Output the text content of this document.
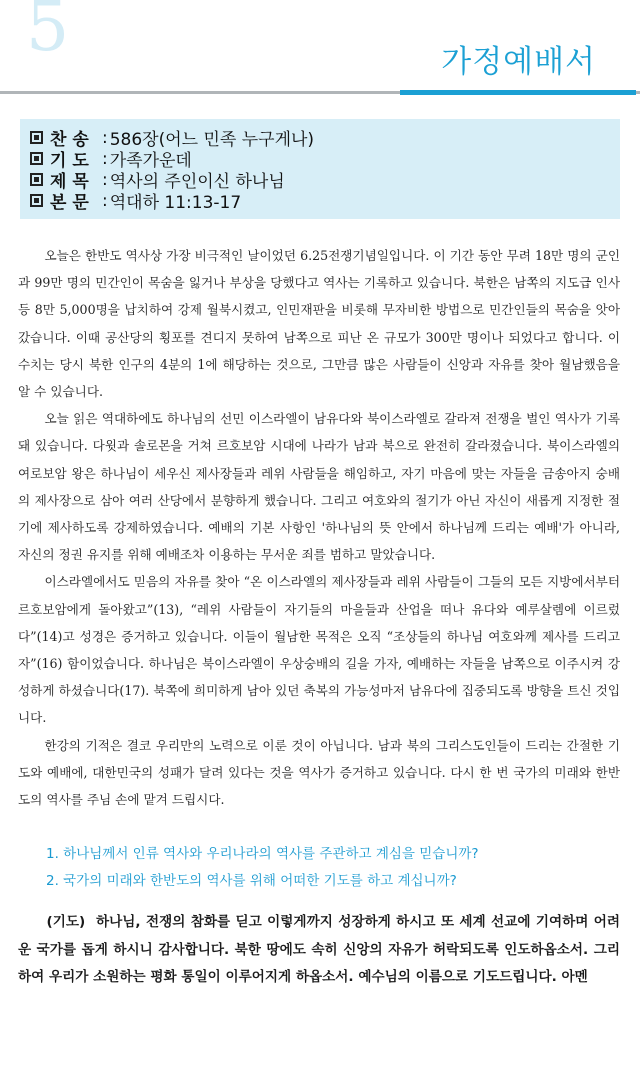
5	가정예배서
찬 송 : 586장(어느 민족 누구게나)
기 도 : 가족가운데
제 목 : 역사의 주인이신 하나님
본 문 : 역대하 11:13-17

오늘은 한반도 역사상 가장 비극적인 날이었던 6.25전쟁기념일입니다. 이 기간 동안 무려 18만 명의 군인과 99만 명의 민간인이 목숨을 잃거나 부상을 당했다고 역사는 기록하고 있습니다. 북한은 남쪽의 지도급 인사 등 8만 5,000명을 납치하여 강제 월북시켰고, 인민재판을 비롯해 무자비한 방법으로 민간인들의 목숨을 앗아갔습니다. 이때 공산당의 횡포를 견디지 못하여 남쪽으로 피난 온 규모가 300만 명이나 되었다고 합니다. 이 수치는 당시 북한 인구의 4분의 1에 해당하는 것으로, 그만큼 많은 사람들이 신앙과 자유를 찾아 월남했음을 알 수 있습니다.

오늘 읽은 역대하에도 하나님의 선민 이스라엘이 남유다와 북이스라엘로 갈라져 전쟁을 벌인 역사가 기록돼 있습니다. 다윗과 솔로몬을 거쳐 르호보암 시대에 나라가 남과 북으로 완전히 갈라졌습니다. 북이스라엘의 여로보암 왕은 하나님이 세우신 제사장들과 레위 사람들을 해임하고, 자기 마음에 맞는 자들을 금송아지 숭배의 제사장으로 삼아 여러 산당에서 분향하게 했습니다. 그리고 여호와의 절기가 아닌 자신이 새롭게 지정한 절기에 제사하도록 강제하였습니다. 예배의 기본 사항인 '하나님의 뜻 안에서 하나님께 드리는 예배'가 아니라, 자신의 정권 유지를 위해 예배조차 이용하는 무서운 죄를 범하고 말았습니다.

이스라엘에서도 믿음의 자유를 찾아 “온 이스라엘의 제사장들과 레위 사람들이 그들의 모든 지방에서부터 르호보암에게 돌아왔고”(13), “레위 사람들이 자기들의 마을들과 산업을 떠나 유다와 예루살렘에 이르렀다”(14)고 성경은 증거하고 있습니다. 이들이 월남한 목적은 오직 “조상들의 하나님 여호와께 제사를 드리고자”(16) 함이었습니다. 하나님은 북이스라엘이 우상숭배의 길을 가자, 예배하는 자들을 남쪽으로 이주시켜 강성하게 하셨습니다(17). 북쪽에 희미하게 남아 있던 축복의 가능성마저 남유다에 집중되도록 방향을 트신 것입니다.

한강의 기적은 결코 우리만의 노력으로 이룬 것이 아닙니다. 남과 북의 그리스도인들이 드리는 간절한 기도와 예배에, 대한민국의 성패가 달려 있다는 것을 역사가 증거하고 있습니다. 다시 한 번 국가의 미래와 한반도의 역사를 주님 손에 맡겨 드립시다.

1. 하나님께서 인류 역사와 우리나라의 역사를 주관하고 계심을 믿습니까?
2. 국가의 미래와 한반도의 역사를 위해 어떠한 기도를 하고 계십니까?

(기도) 하나님, 전쟁의 참화를 딛고 이렇게까지 성장하게 하시고 또 세계 선교에 기여하며 어려운 국가를 돕게 하시니 감사합니다. 북한 땅에도 속히 신앙의 자유가 허락되도록 인도하옵소서. 그리하여 우리가 소원하는 평화 통일이 이루어지게 하옵소서. 예수님의 이름으로 기도드립니다. 아멘
